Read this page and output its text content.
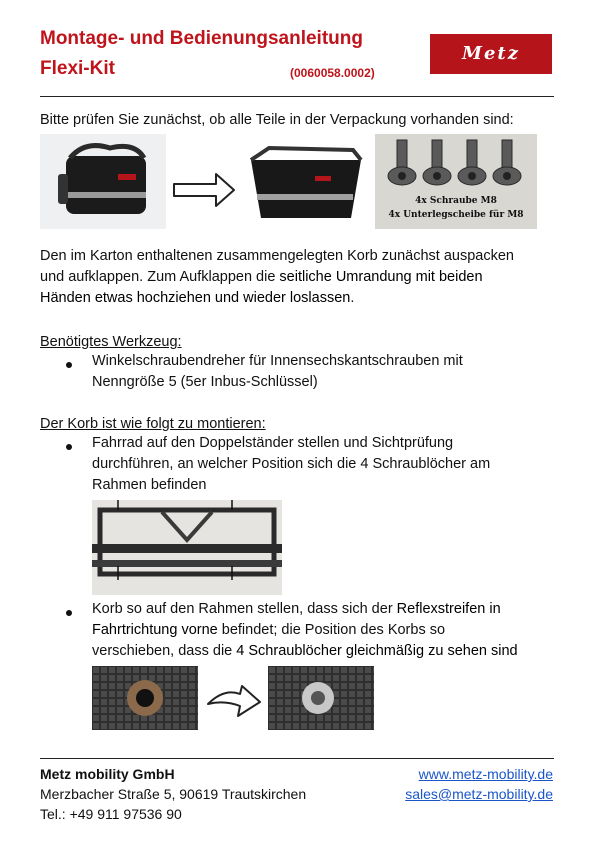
Montage- und Bedienungsanleitung
Flexi-Kit	(0060058.0002)
Metz
Bitte prüfen Sie zunächst, ob alle Teile in der Verpackung vorhanden sind:
4x Schraube M8
4x Unterlegscheibe für M8
Den im Karton enthaltenen zusammengelegten Korb zunächst auspacken
und aufklappen. Zum Aufklappen die seitliche Umrandung mit beiden
Händen etwas hochziehen und wieder loslassen.
Benötigtes Werkzeug:
Winkelschraubendreher für Innensechskantschrauben mit
Nenngröße 5 (5er Inbus-Schlüssel)
Der Korb ist wie folgt zu montieren:
Fahrrad auf den Doppelständer stellen und Sichtprüfung
durchführen, an welcher Position sich die 4 Schraublöcher am
Rahmen befinden
Korb so auf den Rahmen stellen, dass sich der Reflexstreifen in
Fahrtrichtung vorne befindet; die Position des Korbs so
verschieben, dass die 4 Schraublöcher gleichmäßig zu sehen sind
Metz mobility GmbH
Merzbacher Straße 5, 90619 Trautskirchen
Tel.: +49 911 97536 90
www.metz-mobility.de
sales@metz-mobility.de
